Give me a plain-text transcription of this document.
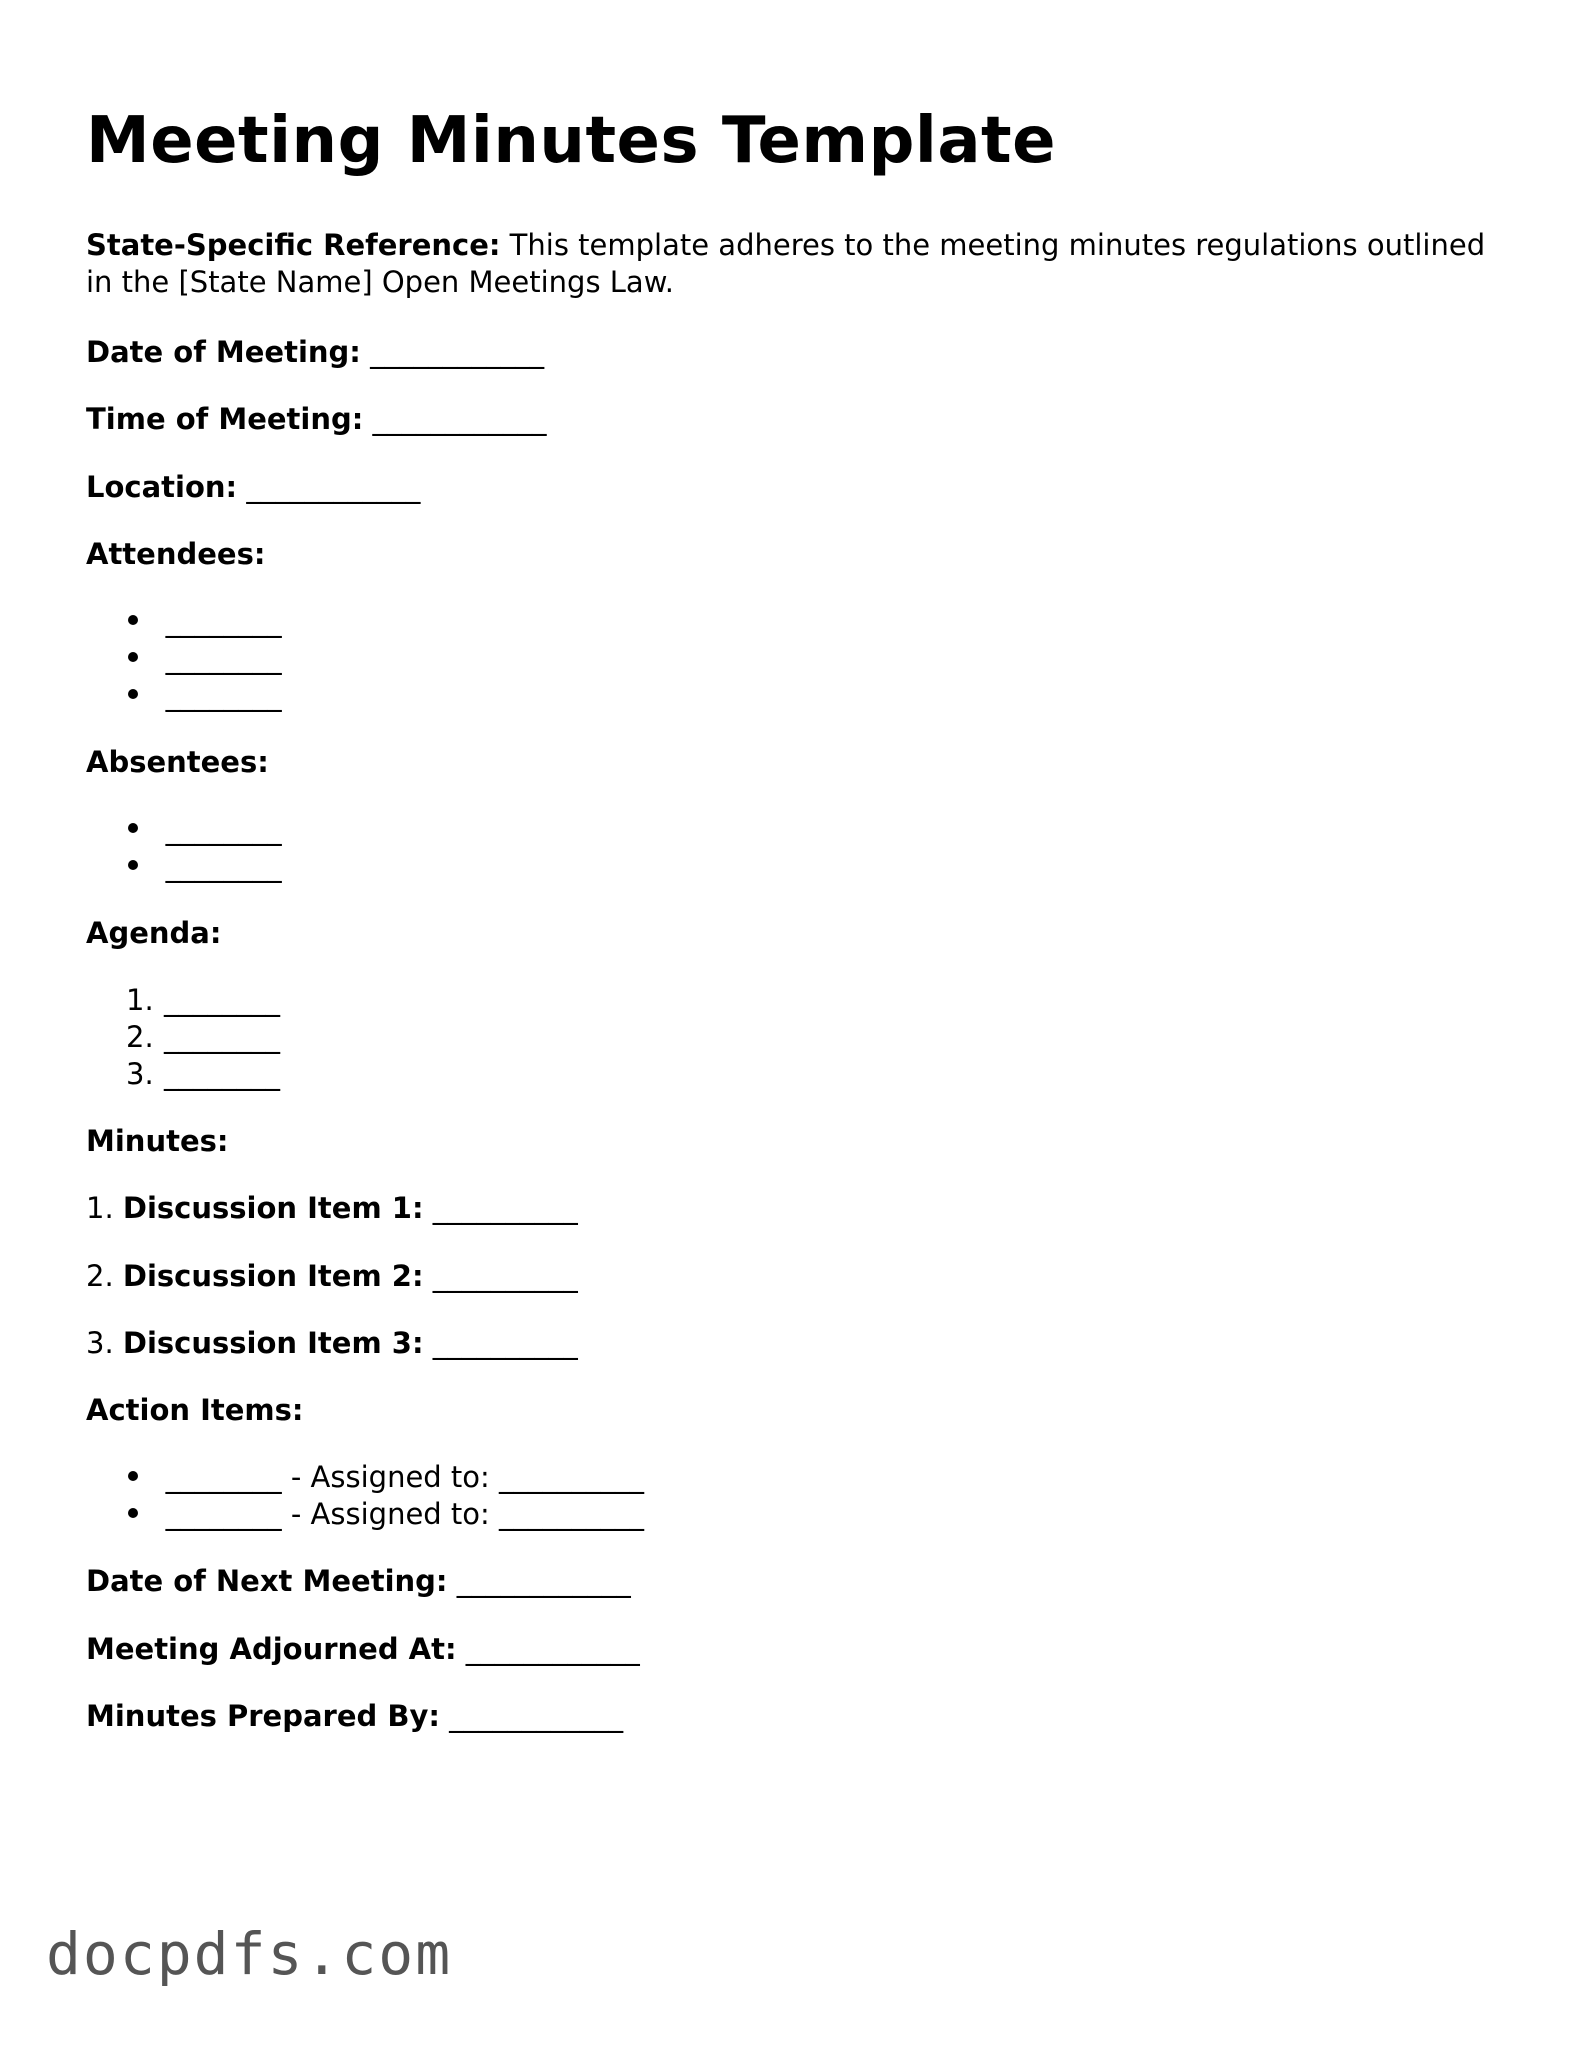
Meeting Minutes Template
State-Specific Reference: This template adheres to the meeting minutes regulations outlined in the [State Name] Open Meetings Law.
Date of Meeting: ____________
Time of Meeting: ____________
Location: ____________
Attendees:
________
________
________
Absentees:
________
________
Agenda:
1. ________
2. ________
3. ________
Minutes:
1. Discussion Item 1: __________
2. Discussion Item 2: __________
3. Discussion Item 3: __________
Action Items:
________ - Assigned to: __________
________ - Assigned to: __________
Date of Next Meeting: ____________
Meeting Adjourned At: ____________
Minutes Prepared By: ____________
docpdfs.com
